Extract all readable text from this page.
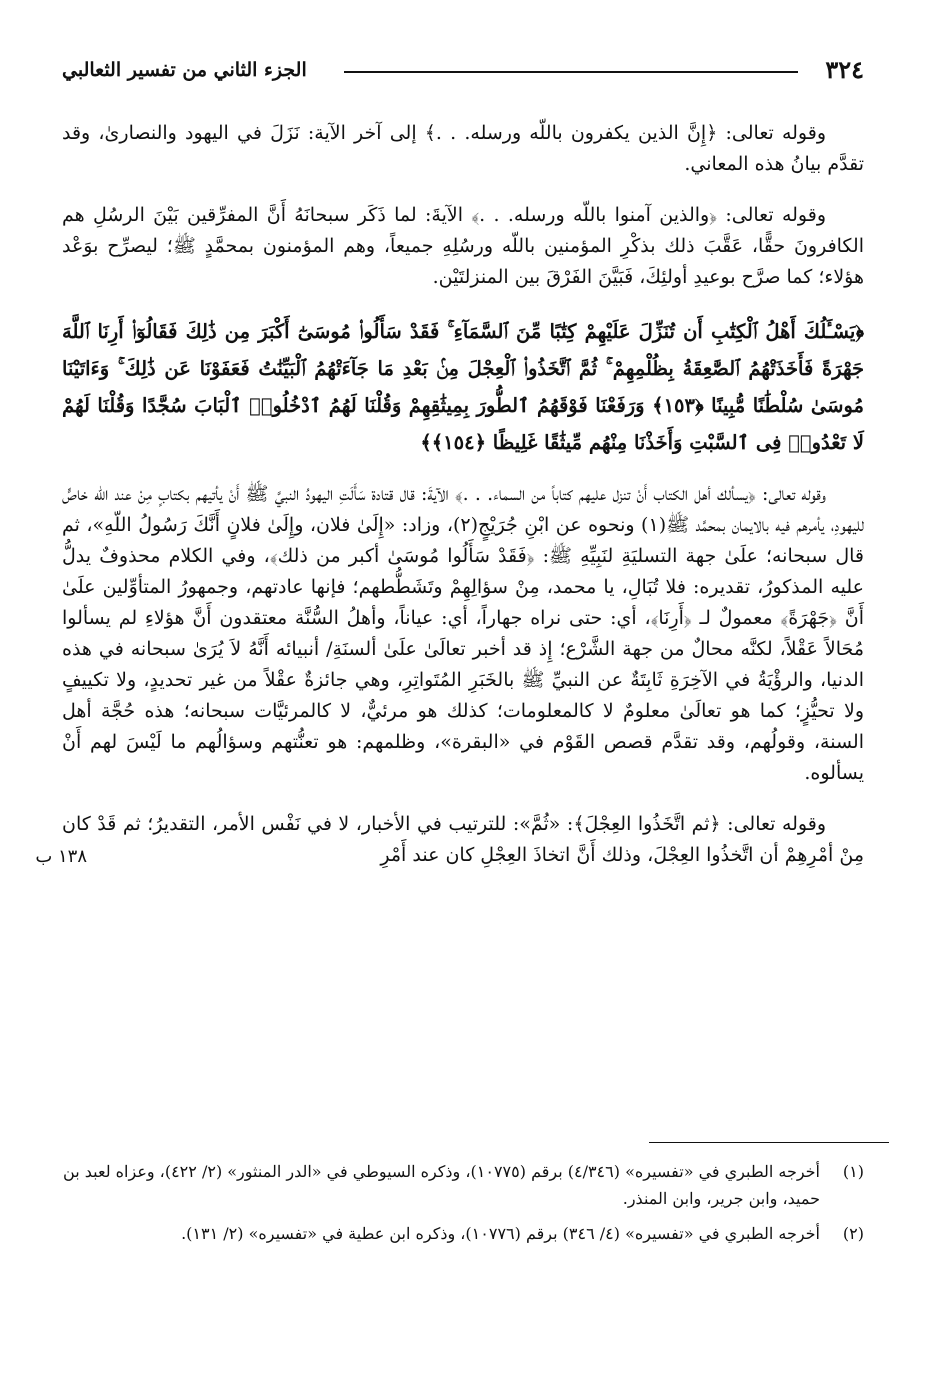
٣٢٤
الجزء الثاني من تفسير الثعالبي
١٣٨ ب

وقوله تعالى: ﴿إِنَّ الذين يكفرون باللّه ورسله. . .﴾ إلى آخر الآية: نَزَلَ في اليهود والنصارىٰ، وقد تقدَّم بيانُ هذه المعاني.

وقوله تعالى: ﴿والذين آمنوا باللّه ورسله. . .﴾ الآيةَ: لما ذَكَر سبحانَهُ أَنَّ المفرِّقين بَيْنَ الرسُلِ هم الكافرونَ حقًّا، عَقَّبَ ذلك بذكْرِ المؤمنين باللّه ورسُلِهِ جميعاً، وهم المؤمنون بمحمَّدٍ ﷺ؛ ليصرِّح بوَعْد هؤلاء؛ كما صرَّح بوعيدِ أولئِكَ، فَبَيَّنَ الفَرْقَ بين المنزلتَيْن.

﴿يَسْـَٔلُكَ أَهْلُ ٱلْكِتَٰبِ أَن تُنَزِّلَ عَلَيْهِمْ كِتَٰبًا مِّنَ ٱلسَّمَآءِ ۚ فَقَدْ سَأَلُوا۟ مُوسَىٰٓ أَكْبَرَ مِن ذَٰلِكَ فَقَالُوٓا۟ أَرِنَا ٱللَّهَ جَهْرَةً فَأَخَذَتْهُمُ ٱلصَّٰعِقَةُ بِظُلْمِهِمْ ۚ ثُمَّ ٱتَّخَذُوا۟ ٱلْعِجْلَ مِنۢ بَعْدِ مَا جَآءَتْهُمُ ٱلْبَيِّنَٰتُ فَعَفَوْنَا عَن ذَٰلِكَ ۚ وَءَاتَيْنَا مُوسَىٰ سُلْطَٰنًا مُّبِينًا ﴿١٥٣﴾ وَرَفَعْنَا فَوْقَهُمُ ٱلطُّورَ بِمِيثَٰقِهِمْ وَقُلْنَا لَهُمُ ٱدْخُلُوا۟ ٱلْبَابَ سُجَّدًا وَقُلْنَا لَهُمْ لَا تَعْدُوا۟ فِى ٱلسَّبْتِ وَأَخَذْنَا مِنْهُم مِّيثَٰقًا غَلِيظًا ﴿١٥٤﴾﴾

وقوله تعالى: ﴿يسألك أهل الكتاب أَنْ تنزل عليهم كتاباً من السماء. . .﴾ الآيةَ: قال قتادة سَأَلَتِ اليهودُ النبيَّ ﷺ أَنْ يأتيهم بكتابٍ مِنْ عند اللّه خاصٍّ لليهودِ، يأمرهم فيه بالايمان بمحمَّد ﷺ(١) ونحوه عن ابْنِ جُرَيْجٍ(٢)، وزاد: «إِلَىٰ فلان، وإِلَىٰ فلانٍ أَنَّكَ رَسُولُ اللّهِ»، ثم قال سبحانه؛ علَىٰ جهة التسليَةِ لنَبِيِّهِ ﷺ: ﴿فَقَدْ سَأَلُوا مُوسَىٰ أكبر من ذلك﴾، وفي الكلام محذوفٌ يدلُّ عليه المذكورُ، تقديره: فلا تُبَالِ، يا محمد، مِنْ سؤالِهِمْ وتَشَطُّطهم؛ فإنها عادتهم، وجمهورُ المتأوِّلين علَىٰ أَنَّ ﴿جَهْرَةً﴾ معمولٌ لـ ﴿أَرِنَا﴾، أي: حتى نراه جهاراً، أي: عياناً، وأهلُ السُّنَّة معتقدون أَنَّ هؤلاءِ لم يسألوا مُحَالاً عَقْلاً، لكنَّه محالٌ من جهة الشَّرْع؛ إِذ قد أخبر تعالَىٰ علَىٰ ألسنَةِ/ أنبيائه أَنَّهُ لاَ يُرَىٰ سبحانه في هذه الدنيا، والرؤْيَةُ في الآخِرَةِ ثَابِتَةٌ عن النبيِّ ﷺ بالخَبَرِ المُتَواتِرِ، وهي جائزةٌ عقْلاً من غير تحديدٍ، ولا تكييفٍ ولا تحيُّزٍ؛ كما هو تعالَىٰ معلومٌ لا كالمعلومات؛ كذلك هو مرئيٌّ، لا كالمرئيَّات سبحانه؛ هذه حُجَّة أهل السنة، وقولُهم، وقد تقدَّم قصص القَوْم في «البقرة»، وظلمهم: هو تعنُّتهم وسؤالُهم ما لَيْسَ لهم أَنْ يسألوه.

وقوله تعالى: ﴿ثم اتَّخَذُوا العِجْلَ﴾: «ثُمَّ»: للترتيب في الأخبار، لا في نَفْس الأمر، التقديرُ؛ ثم قَدْ كان مِنْ أمْرِهِمْ أن اتَّخذُوا العِجْلَ، وذلك أَنَّ اتخاذَ العِجْلِ كان عند أَمْرِ

(١)
أخرجه الطبري في «تفسيره» (٤/٣٤٦) برقم (١٠٧٧٥)، وذكره السيوطي في «الدر المنثور» (٢/ ٤٢٢)، وعزاه لعبد بن حميد، وابن جرير، وابن المنذر.
(٢)
أخرجه الطبري في «تفسيره» (٤/ ٣٤٦) برقم (١٠٧٧٦)، وذكره ابن عطية في «تفسيره» (٢/ ١٣١).
